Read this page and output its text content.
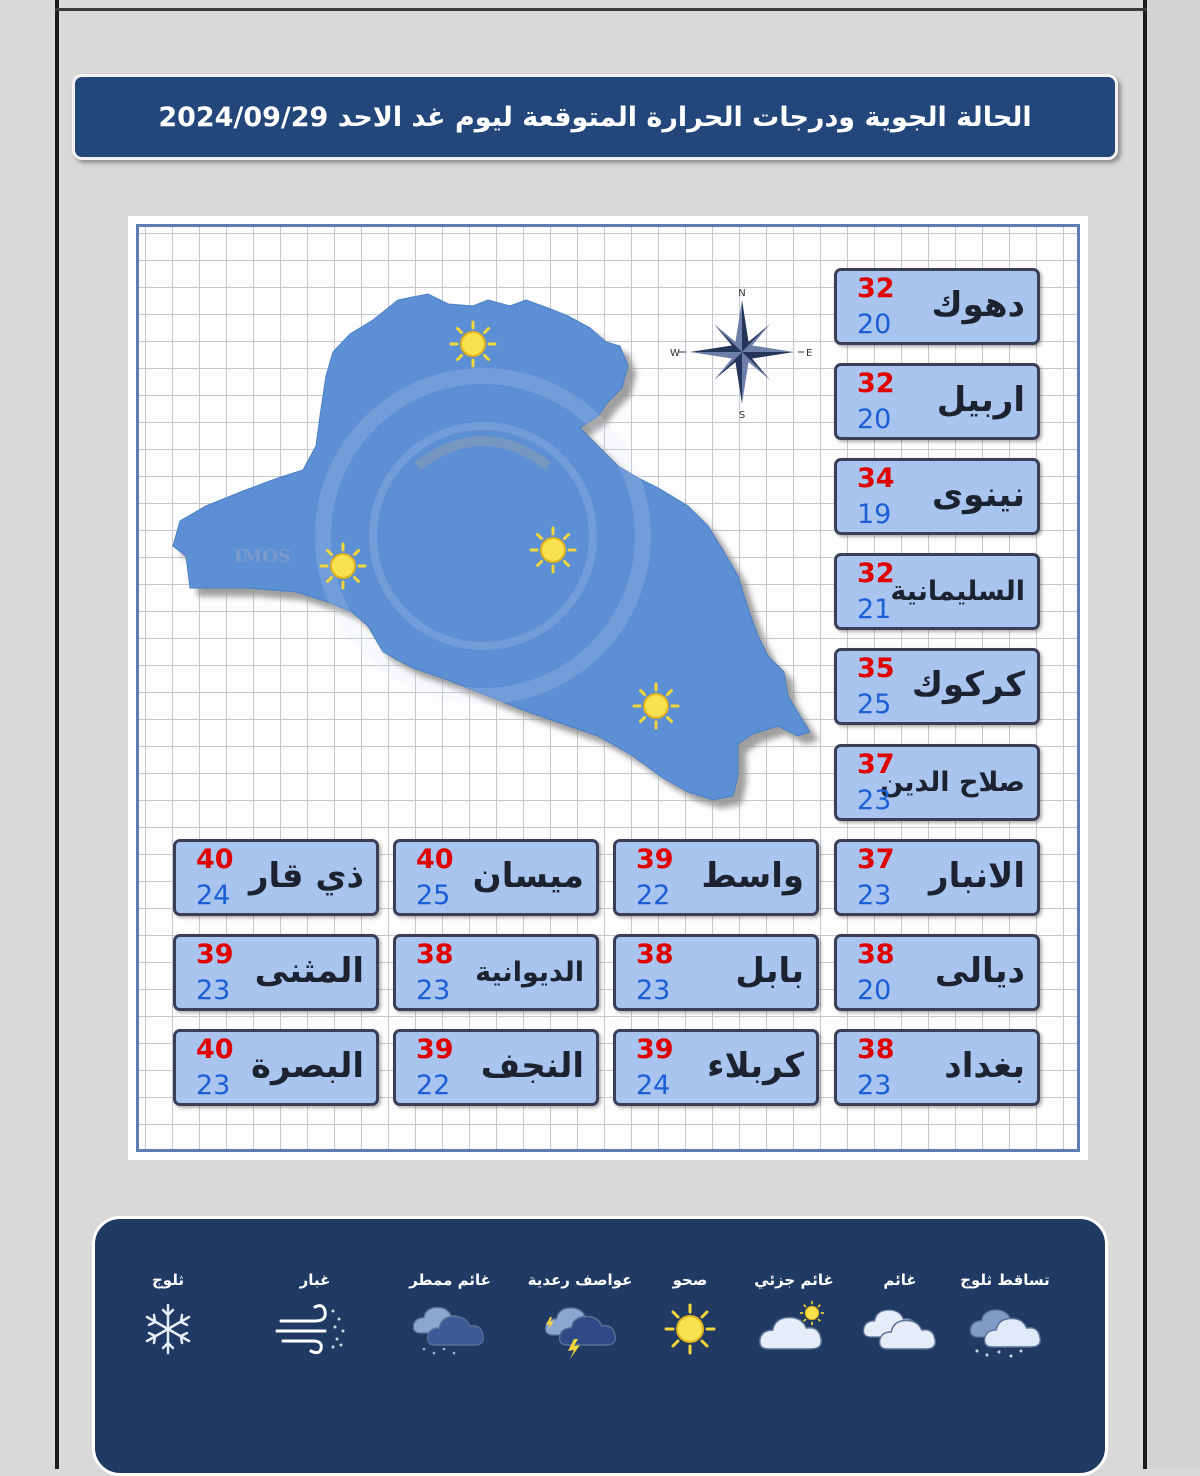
الحالة الجوية ودرجات الحرارة المتوقعة ليوم غد الاحد 2024/09/29
IMOS
N
S
E
W
دهوك
32
20
اربيل
32
20
نينوى
34
19
السليمانية
32
21
كركوك
35
25
صلاح الدين
37
23
الانبار
37
23
واسط
39
22
ميسان
40
25
ذي قار
40
24
ديالى
38
20
بابل
38
23
الديوانية
38
23
المثنى
39
23
بغداد
38
23
كربلاء
39
24
النجف
39
22
البصرة
40
23
تساقط ثلوج
غائم
غائم جزئي
صحو
عواصف رعدية
غائم ممطر
غبار
ثلوج
